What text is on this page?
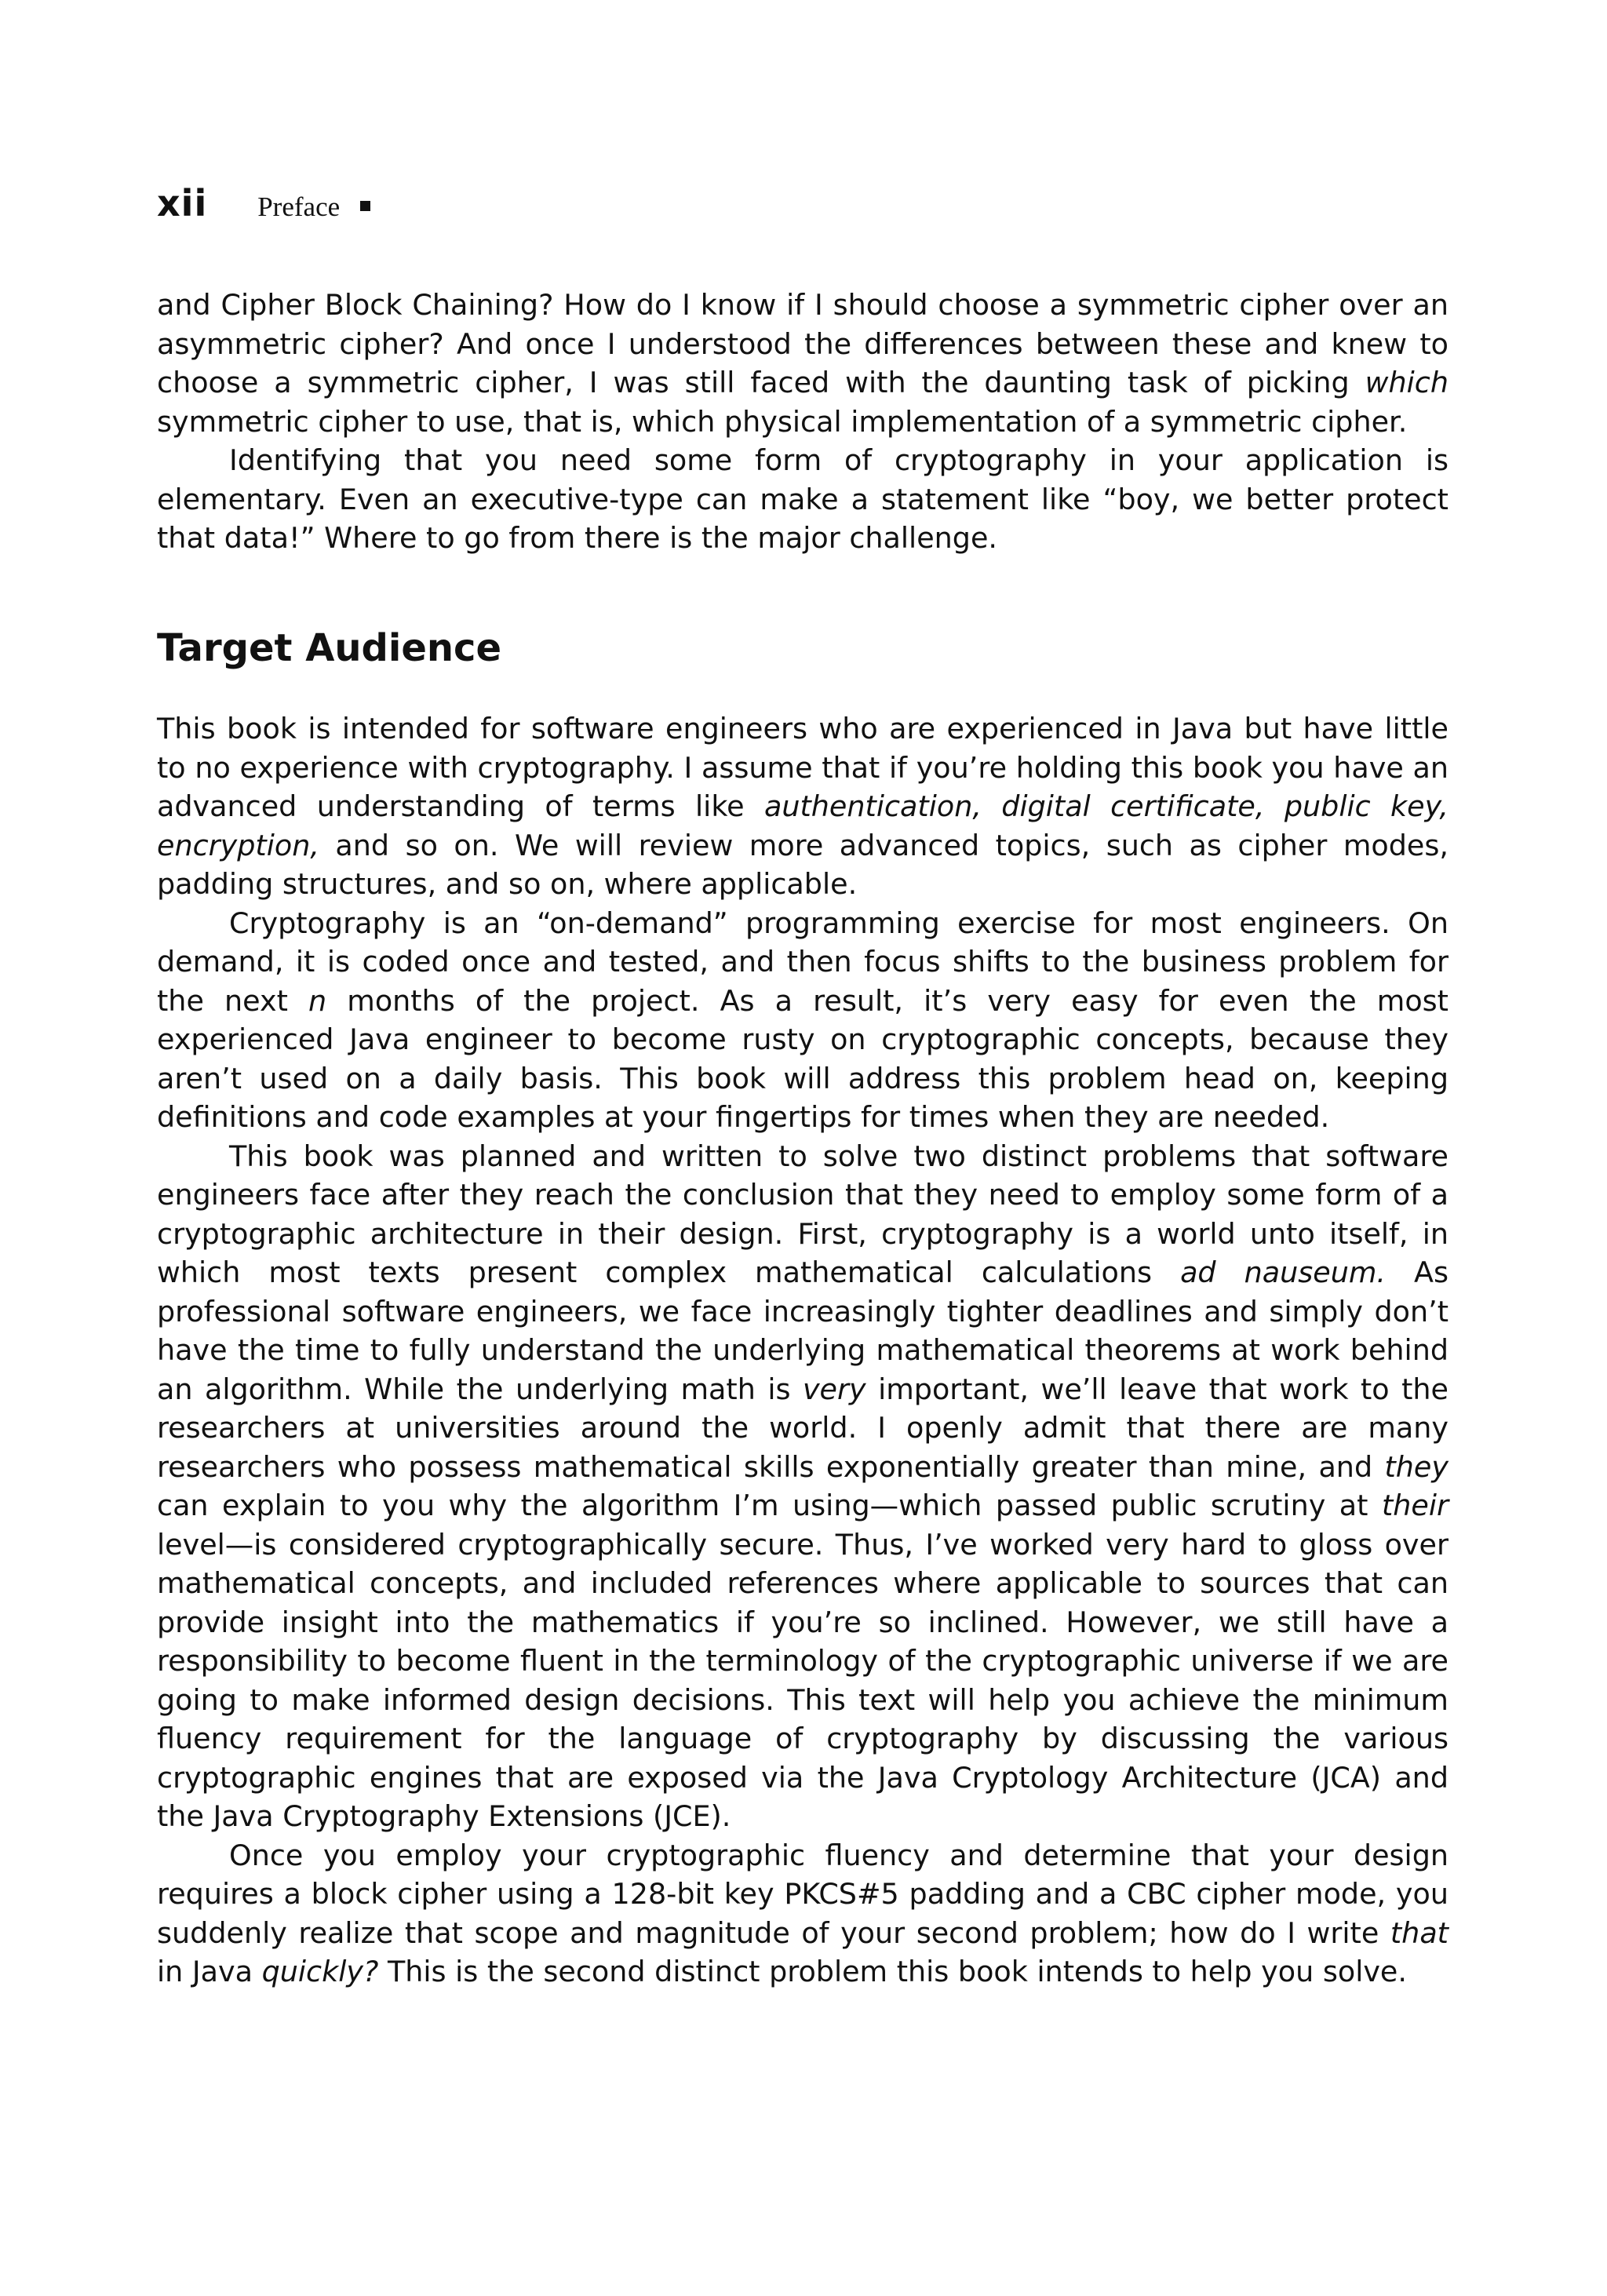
xii Preface

and Cipher Block Chaining? How do I know if I should choose a symmetric cipher over an asymmetric cipher? And once I understood the differences between these and knew to choose a symmetric cipher, I was still faced with the daunting task of picking which symmetric cipher to use, that is, which physical implementation of a symmetric cipher.

Identifying that you need some form of cryptography in your application is elementary. Even an executive-type can make a statement like “boy, we better protect that data!” Where to go from there is the major challenge.

Target Audience

This book is intended for software engineers who are experienced in Java but have little to no experience with cryptography. I assume that if you’re holding this book you have an advanced understanding of terms like authentication, digital certificate, public key, encryption, and so on. We will review more advanced topics, such as cipher modes, padding structures, and so on, where applicable.

Cryptography is an “on-demand” programming exercise for most engineers. On demand, it is coded once and tested, and then focus shifts to the business problem for the next n months of the project. As a result, it’s very easy for even the most experienced Java engineer to become rusty on cryptographic concepts, because they aren’t used on a daily basis. This book will address this problem head on, keeping definitions and code examples at your fingertips for times when they are needed.

This book was planned and written to solve two distinct problems that software engineers face after they reach the conclusion that they need to employ some form of a cryptographic architecture in their design. First, cryptography is a world unto itself, in which most texts present complex mathematical calculations ad nauseum. As professional software engineers, we face increasingly tighter deadlines and simply don’t have the time to fully understand the underlying mathematical theorems at work behind an algorithm. While the underlying math is very important, we’ll leave that work to the researchers at universities around the world. I openly admit that there are many researchers who possess mathematical skills exponentially greater than mine, and they can explain to you why the algorithm I’m using—which passed public scrutiny at their level—is considered cryptographically secure. Thus, I’ve worked very hard to gloss over mathematical concepts, and included references where applicable to sources that can provide insight into the mathematics if you’re so inclined. However, we still have a responsibility to become fluent in the terminology of the cryptographic universe if we are going to make informed design decisions. This text will help you achieve the minimum fluency requirement for the language of cryptography by discussing the various cryptographic engines that are exposed via the Java Cryptology Architecture (JCA) and the Java Cryptography Extensions (JCE).

Once you employ your cryptographic fluency and determine that your design requires a block cipher using a 128-bit key PKCS#5 padding and a CBC cipher mode, you suddenly realize that scope and magnitude of your second problem; how do I write that in Java quickly? This is the second distinct problem this book intends to help you solve.
